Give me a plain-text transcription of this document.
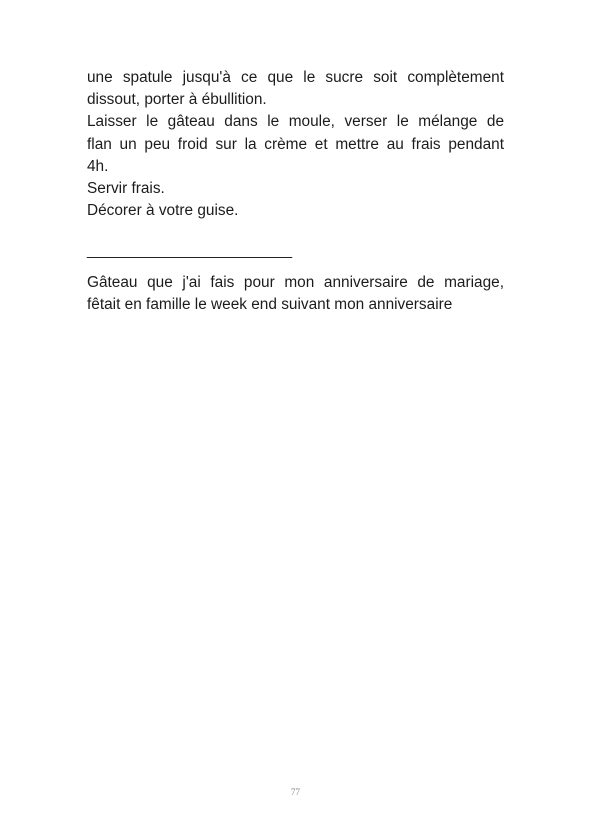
une spatule jusqu'à ce que le sucre soit complètement
dissout, porter à ébullition.
Laisser le gâteau dans le moule, verser le mélange de
flan un peu froid sur la crème et mettre au frais pendant
4h.
Servir frais.
Décorer à votre guise.
___________________________
Gâteau que j'ai fais pour mon anniversaire de mariage,
fêtait en famille le week end suivant mon anniversaire
77
